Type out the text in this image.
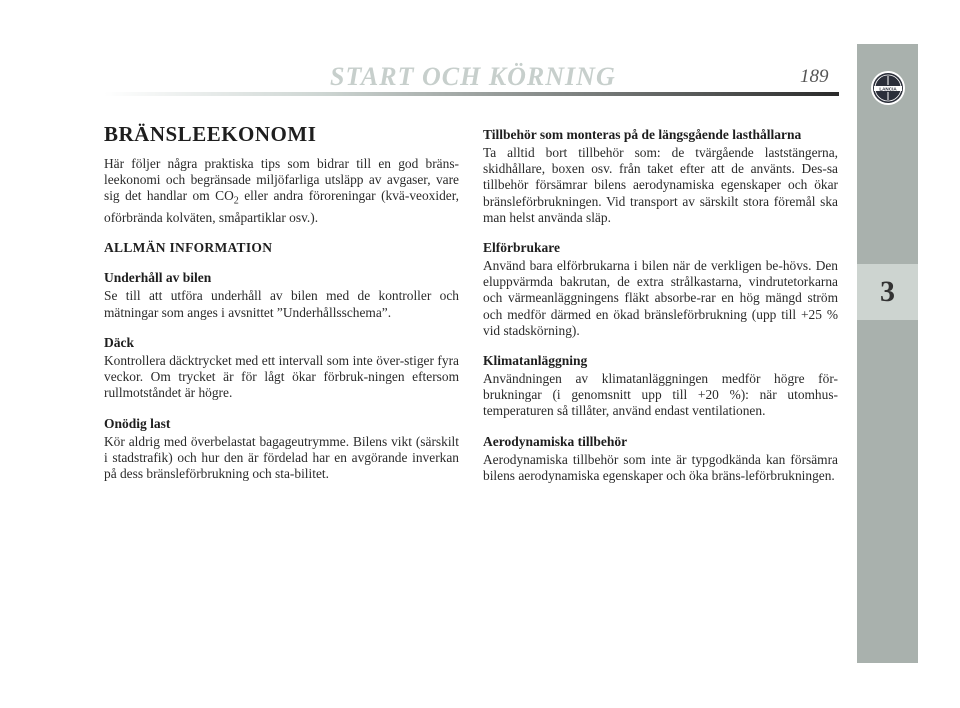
START OCH KÖRNING	189
LANCIA
3
BRÄNSLEEKONOMI

Här följer några praktiska tips som bidrar till en god bräns-leekonomi och begränsade miljöfarliga utsläpp av avgaser, vare sig det handlar om $CO_2$ eller andra föroreningar (kvä-veoxider, oförbrända kolväten, småpartiklar osv.).

ALLMÄN INFORMATION
Underhåll av bilen

Se till att utföra underhåll av bilen med de kontroller och mätningar som anges i avsnittet ”Underhållsschema”.

Däck

Kontrollera däcktrycket med ett intervall som inte över-stiger fyra veckor. Om trycket är för lågt ökar förbruk-ningen eftersom rullmotståndet är högre.

Onödig last

Kör aldrig med överbelastat bagageutrymme. Bilens vikt (särskilt i stadstrafik) och hur den är fördelad har en avgörande inverkan på dess bränsleförbrukning och sta-bilitet.

Tillbehör som monteras på de längsgående lasthållarna

Ta alltid bort tillbehör som: de tvärgående laststängerna, skidhållare, boxen osv. från taket efter att de använts. Des-sa tillbehör försämrar bilens aerodynamiska egenskaper och ökar bränsleförbrukningen. Vid transport av särskilt stora föremål ska man helst använda släp.

Elförbrukare

Använd bara elförbrukarna i bilen när de verkligen be-hövs. Den eluppvärmda bakrutan, de extra strålkastarna, vindrutetorkarna och värmeanläggningens fläkt absorbe-rar en hög mängd ström och medför därmed en ökad bränsleförbrukning (upp till +25 % vid stadskörning).

Klimatanläggning

Användningen av klimatanläggningen medför högre för-brukningar (i genomsnitt upp till +20 %): när utomhus-temperaturen så tillåter, använd endast ventilationen.

Aerodynamiska tillbehör

Aerodynamiska tillbehör som inte är typgodkända kan försämra bilens aerodynamiska egenskaper och öka bräns-leförbrukningen.
